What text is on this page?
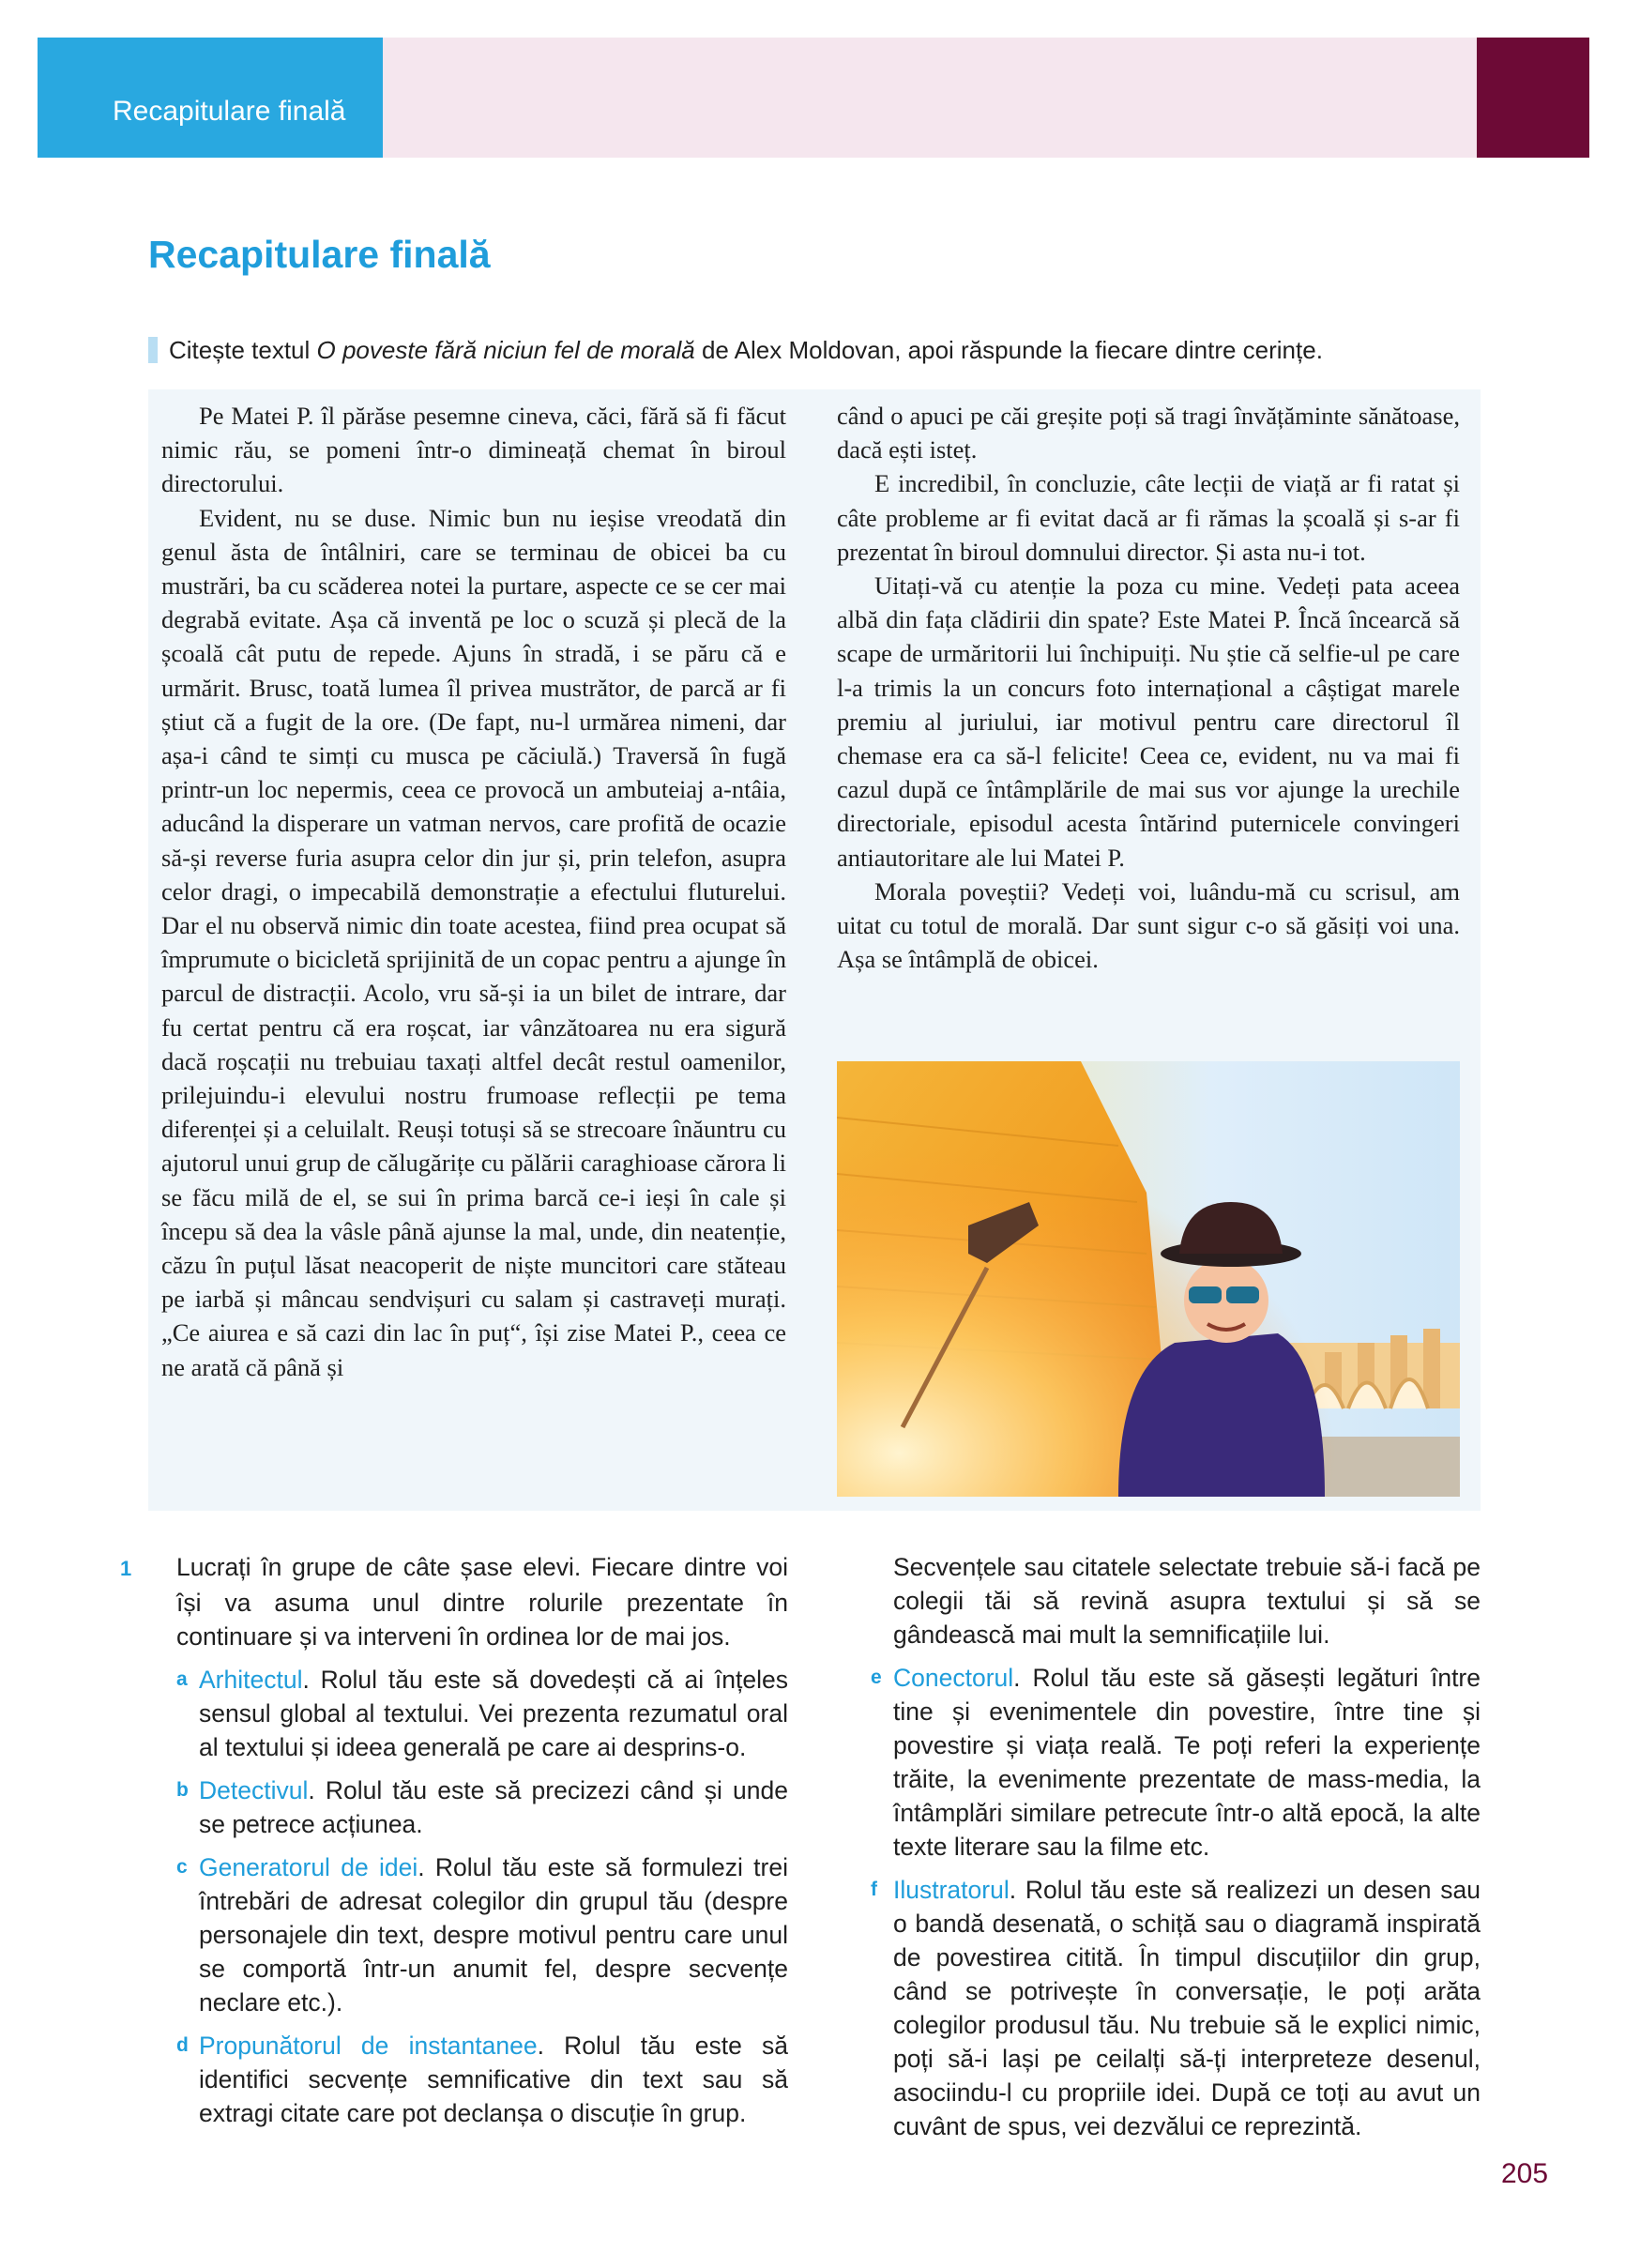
Recapitulare finală
Recapitulare finală
Citește textul O poveste fără niciun fel de morală de Alex Moldovan, apoi răspunde la fiecare dintre cerințe.

Pe Matei P. îl părăse pesemne cineva, căci, fără să fi făcut nimic rău, se pomeni într-o dimineață chemat în biroul directorului.

Evident, nu se duse. Nimic bun nu ieșise vreodată din genul ăsta de întâlniri, care se terminau de obicei ba cu mustrări, ba cu scăderea notei la purtare, aspecte ce se cer mai degrabă evitate. Așa că inventă pe loc o scuză și plecă de la școală cât putu de repede. Ajuns în stradă, i se păru că e urmărit. Brusc, toată lumea îl privea mustrător, de parcă ar fi știut că a fugit de la ore. (De fapt, nu-l urmărea nimeni, dar așa-i când te simți cu musca pe căciulă.) Traversă în fugă printr-un loc nepermis, ceea ce provocă un ambuteiaj a-ntâia, aducând la disperare un vatman nervos, care profită de ocazie să-și reverse furia asupra celor din jur și, prin telefon, asupra celor dragi, o impecabilă demonstrație a efectului fluturelui. Dar el nu observă nimic din toate acestea, fiind prea ocupat să împrumute o bicicletă sprijinită de un copac pentru a ajunge în parcul de distracții. Acolo, vru să-și ia un bilet de intrare, dar fu certat pentru că era roșcat, iar vânzătoarea nu era sigură dacă roșcații nu trebuiau taxați altfel decât restul oamenilor, prilejuindu-i elevului nostru frumoase reflecții pe tema diferenței și a celuilalt. Reuși totuși să se strecoare înăuntru cu ajutorul unui grup de călugărițe cu pălării caraghioase cărora li se făcu milă de el, se sui în prima barcă ce-i ieși în cale și începu să dea la vâsle până ajunse la mal, unde, din neatenție, căzu în puțul lăsat neacoperit de niște muncitori care stăteau pe iarbă și mâncau sendvișuri cu salam și castraveți murați. „Ce aiurea e să cazi din lac în puț“, își zise Matei P., ceea ce ne arată că până și

când o apuci pe căi greșite poți să tragi învățăminte sănătoase, dacă ești isteț.

E incredibil, în concluzie, câte lecții de viață ar fi ratat și câte probleme ar fi evitat dacă ar fi rămas la școală și s-ar fi prezentat în biroul domnului director. Și asta nu-i tot.

Uitați-vă cu atenție la poza cu mine. Vedeți pata aceea albă din fața clădirii din spate? Este Matei P. Încă încearcă să scape de urmăritorii lui închipuiți. Nu știe că selfie-ul pe care l-a trimis la un concurs foto internațional a câștigat marele premiu al juriului, iar motivul pentru care directorul îl chemase era ca să-l felicite! Ceea ce, evident, nu va mai fi cazul după ce întâmplările de mai sus vor ajunge la urechile directoriale, episodul acesta întărind puternicele convingeri antiautoritare ale lui Matei P.

Morala poveștii? Vedeți voi, luându-mă cu scrisul, am uitat cu totul de morală. Dar sunt sigur c-o să găsiți voi una. Așa se întâmplă de obicei.

1 Lucrați în grupe de câte șase elevi. Fiecare dintre voi își va asuma unul dintre rolurile prezentate în continuare și va interveni în ordinea lor de mai jos.

a Arhitectul. Rolul tău este să dovedești că ai înțeles sensul global al textului. Vei prezenta rezumatul oral al textului și ideea generală pe care ai desprins-o.

b Detectivul. Rolul tău este să precizezi când și unde se petrece acțiunea.

c Generatorul de idei. Rolul tău este să formulezi trei întrebări de adresat colegilor din grupul tău (despre personajele din text, despre motivul pentru care unul se comportă într-un anumit fel, despre secvențe neclare etc.).

d Propunătorul de instantanee. Rolul tău este să identifici secvențe semnificative din text sau să extragi citate care pot declanșa o discuție în grup.

Secvențele sau citatele selectate trebuie să-i facă pe colegii tăi să revină asupra textului și să se gândească mai mult la semnificațiile lui.

e Conectorul. Rolul tău este să găsești legături între tine și evenimentele din povestire, între tine și povestire și viața reală. Te poți referi la experiențe trăite, la evenimente prezentate de mass-media, la întâmplări similare petrecute într-o altă epocă, la alte texte literare sau la filme etc.

f Ilustratorul. Rolul tău este să realizezi un desen sau o bandă desenată, o schiță sau o diagramă inspirată de povestirea citită. În timpul discuțiilor din grup, când se potrivește în conversație, le poți arăta colegilor produsul tău. Nu trebuie să le explici nimic, poți să-i lași pe ceilalți să-ți interpreteze desenul, asociindu-l cu propriile idei. După ce toți au avut un cuvânt de spus, vei dezvălui ce reprezintă.

205
